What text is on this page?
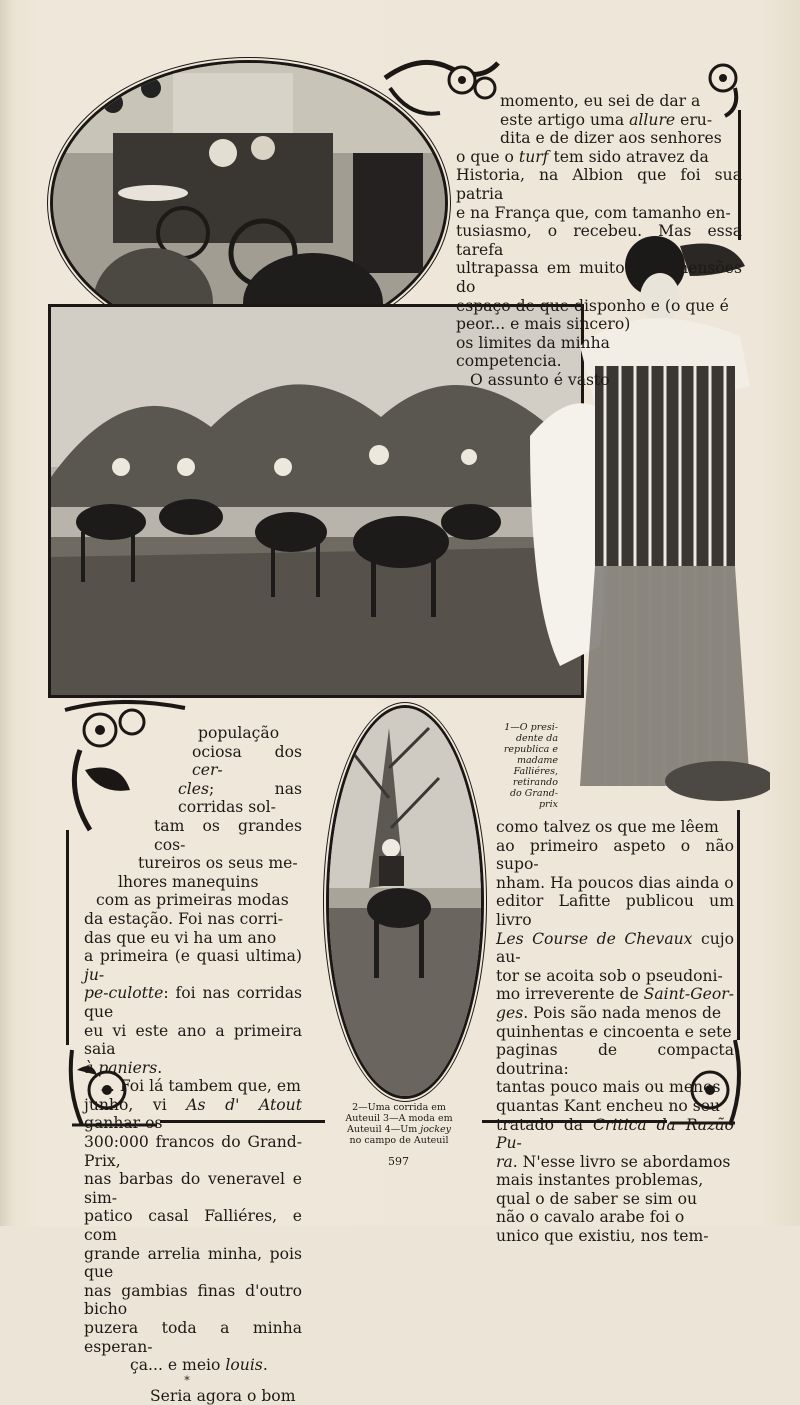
momento, eu sei de dar a

este artigo uma allure eru-

dita e de dizer aos senhores

o que o turf tem sido atravez da

Historia, na Albion que foi sua patria

e na França que, com tamanho en-

tusiasmo, o recebeu. Mas essa tarefa

ultrapassa em muito as dimensões do

espaço de que disponho e (o que é

peor... e mais sincero)

os limites da minha

competencia.

O assunto é vasto

1—O presi-
dente da
republica e
madame
Falliéres,
retirando
do Grand-
prix

população

ociosa dos cer-

cles; nas corridas sol-

tam os grandes cos-

tureiros os seus me-

lhores manequins

com as primeiras modas

da estação. Foi nas corri-

das que eu vi ha um ano

a primeira (e quasi ultima) ju-

pe-culotte: foi nas corridas que

eu vi este ano a primeira saia

à paniers.

... Foi lá tambem que, em

junho, vi As d' Atout ganhar os

300:000 francos do Grand-Prix,

nas barbas do veneravel e sim-

patico casal Falliéres, e com

grande arrelia minha, pois que

nas gambias finas d'outro bicho

puzera toda a minha esperan-

ça... e meio louis.

*

Seria agora o bom

como talvez os que me lêem

ao primeiro aspeto o não supo-

nham. Ha poucos dias ainda o

editor Lafitte publicou um livro

Les Course de Chevaux cujo au-

tor se acoita sob o pseudoni-

mo irreverente de Saint-Geor-

ges. Pois são nada menos de

quinhentas e cincoenta e sete

paginas de compacta doutrina:

tantas pouco mais ou menos

quantas Kant encheu no seu

tratado da Critica da Razão Pu-

ra. N'esse livro se abordamos

mais instantes problemas,

qual o de saber se sim ou

não o cavalo arabe foi o

unico que existiu, nos tem-

2—Uma corrida em
Auteuil 3—A moda em
Auteuil 4—Um jockey
no campo de Auteuil
597
